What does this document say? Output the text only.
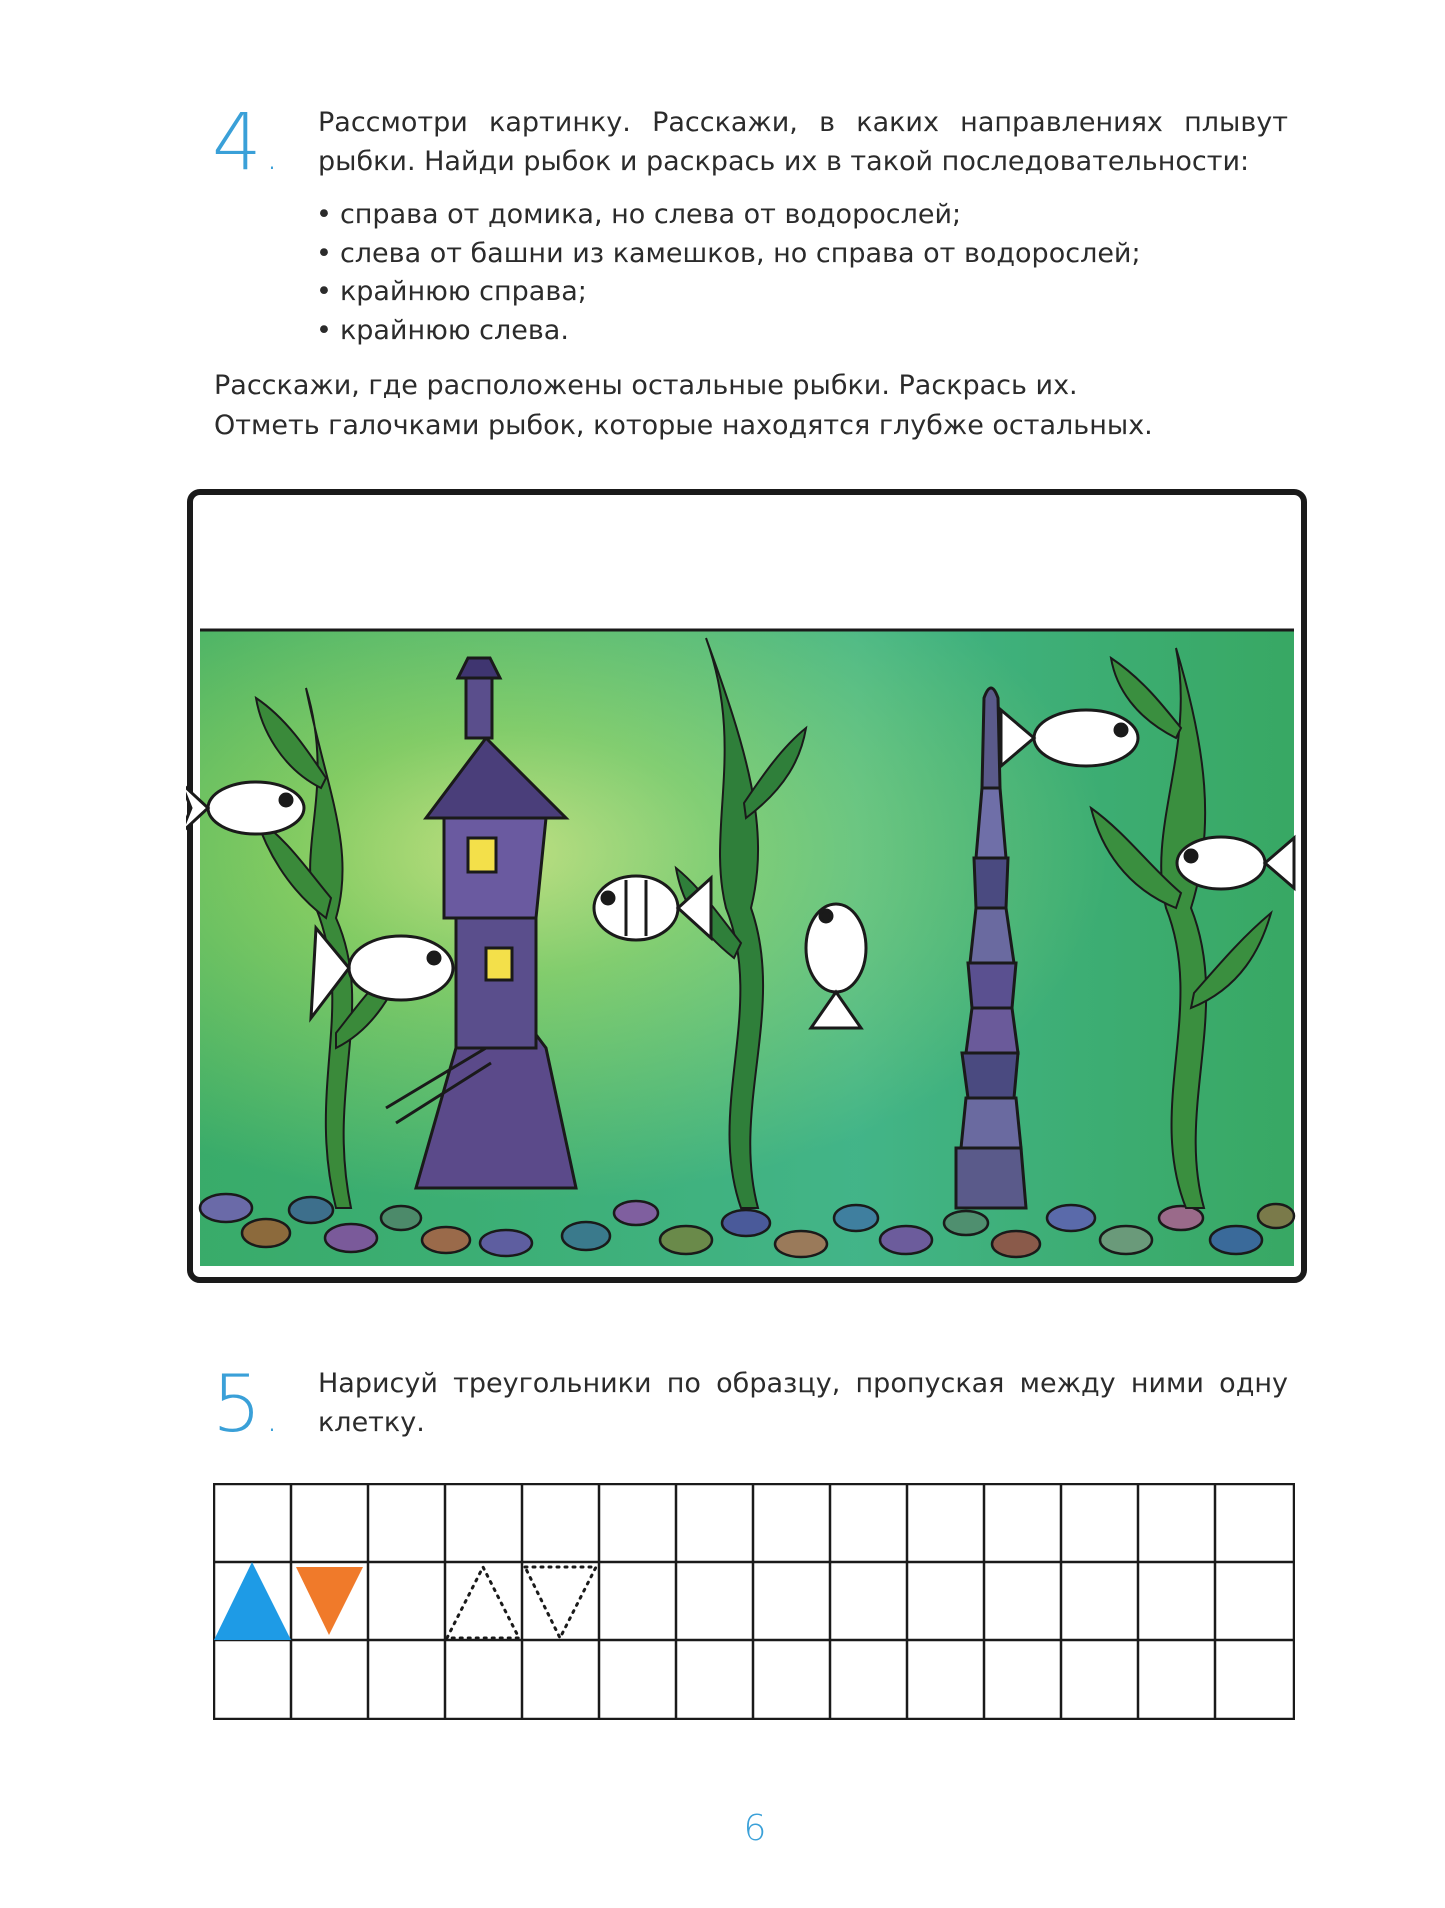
4 .
Рассмотри картинку. Расскажи, в каких направлениях плывут рыбки. Найди рыбок и раскрась их в такой последовательности:
• справа от домика, но слева от водорослей;
• слева от башни из камешков, но справа от водорослей;
• крайнюю справа;
• крайнюю слева.
Расскажи, где расположены остальные рыбки. Раскрась их.
Отметь галочками рыбок, которые находятся глубже остальных.
5 .
Нарисуй треугольники по образцу, пропуская между ними одну клетку.
6
